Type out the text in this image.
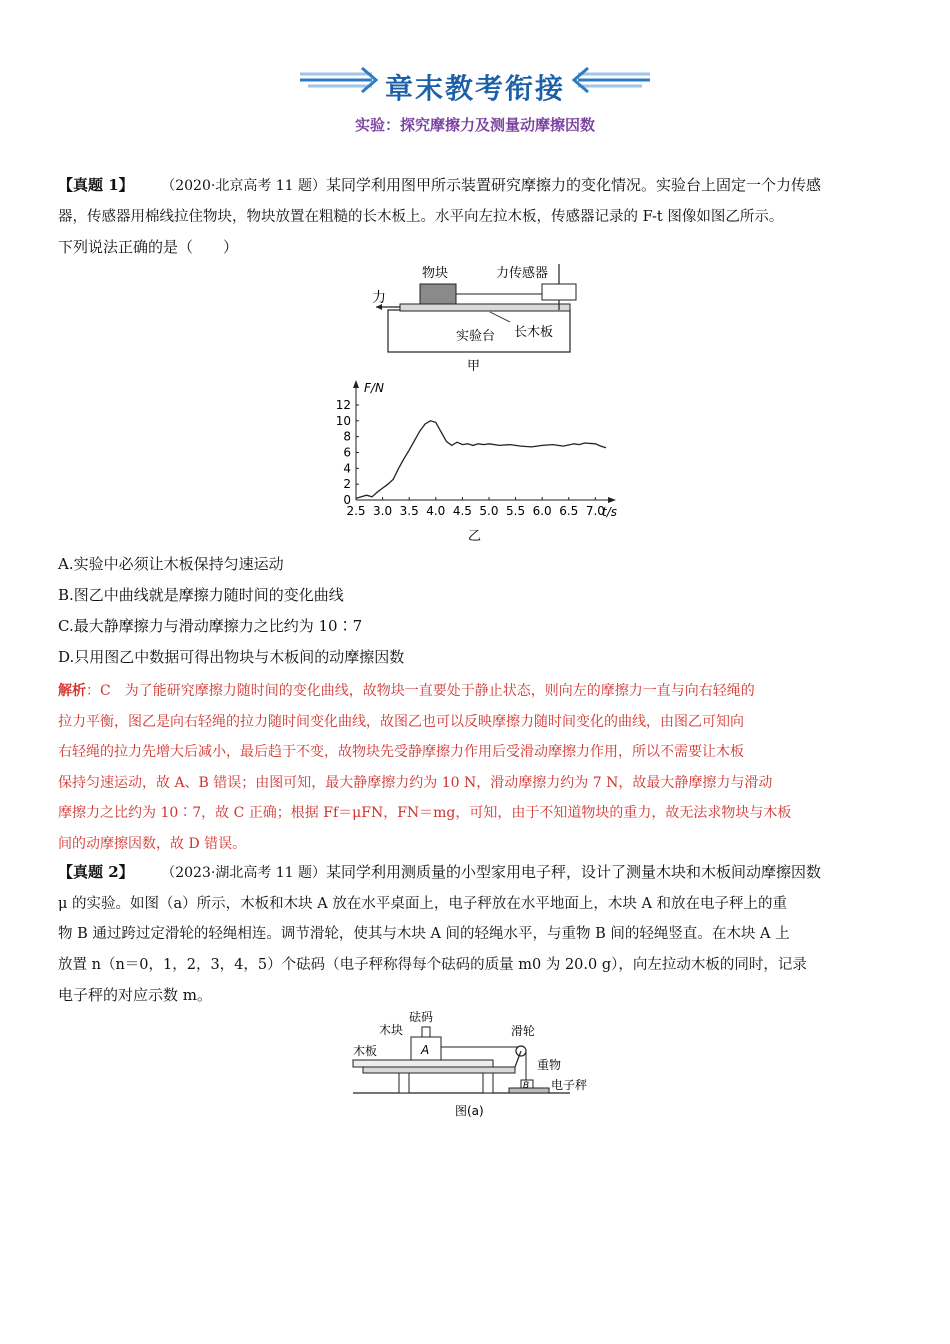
章末教考衔接
实验：探究摩擦力及测量动摩擦因数
【真题 1】 （2020·北京高考 11 题）某同学利用图甲所示装置研究摩擦力的变化情况。实验台上固定一个力传感
器，传感器用棉线拉住物块，物块放置在粗糙的长木板上。水平向左拉木板，传感器记录的 F-t 图像如图乙所示。
下列说法正确的是（　　）
物块	力传感器
力
实验台 长木板
甲
2.5 3.0 3.5 4.0 4.5 5.0 5.5 6.0 6.5 7.0
0
2
4
6
8
10
12
F/N
t/s
乙
A.实验中必须让木板保持匀速运动
B.图乙中曲线就是摩擦力随时间的变化曲线
C.最大静摩擦力与滑动摩擦力之比约为 10∶7
D.只用图乙中数据可得出物块与木板间的动摩擦因数
解析：C　为了能研究摩擦力随时间的变化曲线，故物块一直要处于静止状态，则向左的摩擦力一直与向右轻绳的
拉力平衡，图乙是向右轻绳的拉力随时间变化曲线，故图乙也可以反映摩擦力随时间变化的曲线，由图乙可知向
右轻绳的拉力先增大后减小，最后趋于不变，故物块先受静摩擦力作用后受滑动摩擦力作用，所以不需要让木板
保持匀速运动，故 A、B 错误；由图可知，最大静摩擦力约为 10 N，滑动摩擦力约为 7 N，故最大静摩擦力与滑动
摩擦力之比约为 10∶7，故 C 正确；根据 Ff＝μFN，FN＝mg，可知，由于不知道物块的重力，故无法求物块与木板
间的动摩擦因数，故 D 错误。
【真题 2】 （2023·湖北高考 11 题）某同学利用测质量的小型家用电子秤，设计了测量木块和木板间动摩擦因数
μ 的实验。如图（a）所示，木板和木块 A 放在水平桌面上，电子秤放在水平地面上，木块 A 和放在电子秤上的重
物 B 通过跨过定滑轮的轻绳相连。调节滑轮，使其与木块 A 间的轻绳水平，与重物 B 间的轻绳竖直。在木块 A 上
放置 n（n＝0，1，2，3，4，5）个砝码（电子秤称得每个砝码的质量 m0 为 20.0 g），向左拉动木板的同时，记录
电子秤的对应示数 m。
砝码
木块
木板	A
滑轮
重物
B 电子秤
图(a)
